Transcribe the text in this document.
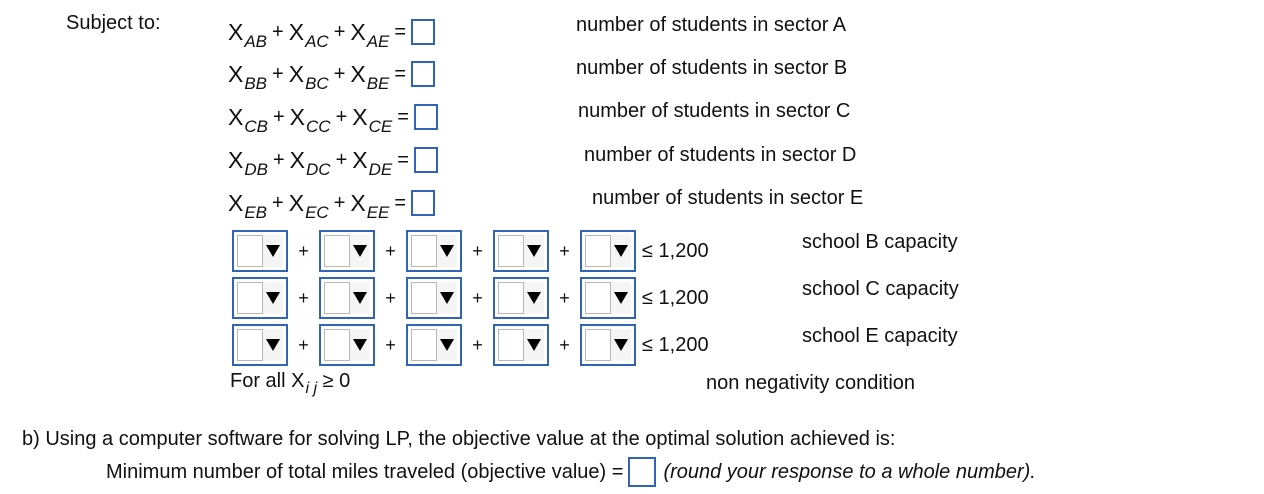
Subject to:	X AB + X AC + X AE =	number of students in sector A
X BB + X BC + X BE =	number of students in sector B
X CB + X CC + X CE =	number of students in sector C
X DB + X DC + X DE =	number of students in sector D
X EB + X EC + X EE =	number of students in sector E
+	+	+	+	≤ 1,200	school B capacity
+	+	+	+	≤ 1,200	school C capacity
+	+	+	+	≤ 1,200	school E capacity
For all $X_{i j} \ge 0$	non negativity condition
b) Using a computer software for solving LP, the objective value at the optimal solution achieved is:
Minimum number of total miles traveled (objective value) = (round your response to a whole number).
